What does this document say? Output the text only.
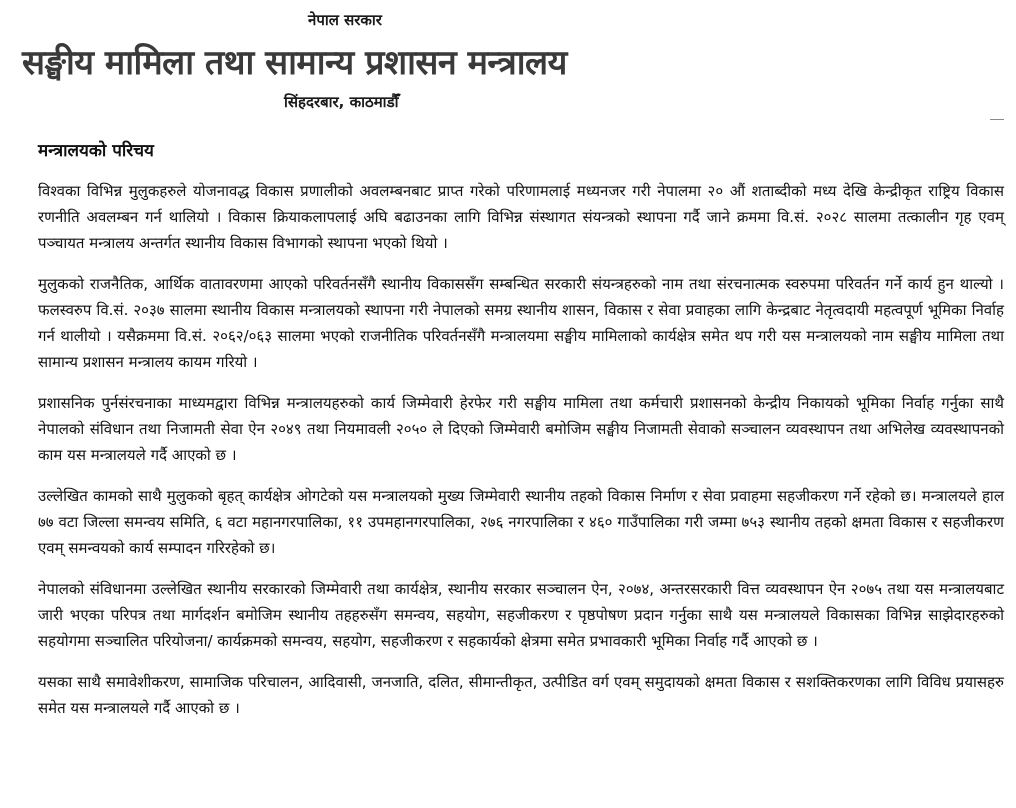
नेपाल सरकार
सङ्घीय मामिला तथा सामान्य प्रशासन मन्त्रालय
सिंहदरबार, काठमाडौँ
मन्त्रालयको परिचय

विश्वका विभिन्न मुलुकहरुले योजनावद्ध विकास प्रणालीको अवलम्बनबाट प्राप्त गरेको परिणामलाई मध्यनजर गरी नेपालमा २० औं शताब्दीको मध्य देखि केन्द्रीकृत राष्ट्रिय विकास रणनीति अवलम्बन गर्न थालियो । विकास क्रियाकलापलाई अघि बढाउनका लागि विभिन्न संस्थागत संयन्त्रको स्थापना गर्दै जाने क्रममा वि.सं. २०२८ सालमा तत्कालीन गृह एवम् पञ्चायत मन्त्रालय अन्तर्गत स्थानीय विकास विभागको स्थापना भएको थियो ।

मुलुकको राजनैतिक, आर्थिक वातावरणमा आएको परिवर्तनसँगै स्थानीय विकाससँग सम्बन्धित सरकारी संयन्त्रहरुको नाम तथा संरचनात्मक स्वरुपमा परिवर्तन गर्ने कार्य हुन थाल्यो । फलस्वरुप वि.सं. २०३७ सालमा स्थानीय विकास मन्त्रालयको स्थापना गरी नेपालको समग्र स्थानीय शासन, विकास र सेवा प्रवाहका लागि केन्द्रबाट नेतृत्वदायी महत्वपूर्ण भूमिका निर्वाह गर्न थालीयो । यसैक्रममा वि.सं. २०६२/०६३ सालमा भएको राजनीतिक परिवर्तनसँगै मन्त्रालयमा सङ्घीय मामिलाको कार्यक्षेत्र समेत थप गरी यस मन्त्रालयको नाम सङ्घीय मामिला तथा सामान्य प्रशासन मन्त्रालय कायम गरियो ।

प्रशासनिक पुर्नसंरचनाका माध्यमद्वारा विभिन्न मन्त्रालयहरुको कार्य जिम्मेवारी हेरफेर गरी सङ्घीय मामिला तथा कर्मचारी प्रशासनको केन्द्रीय निकायको भूमिका निर्वाह गर्नुका साथै नेपालको संविधान तथा निजामती सेवा ऐन २०४९ तथा नियमावली २०५० ले दिएको जिम्मेवारी बमोजिम सङ्घीय निजामती सेवाको सञ्चालन व्यवस्थापन तथा अभिलेख व्यवस्थापनको काम यस मन्त्रालयले गर्दै आएको छ ।

उल्लेखित कामको साथै मुलुकको बृहत् कार्यक्षेत्र ओगटेको यस मन्त्रालयको मुख्य जिम्मेवारी स्थानीय तहको विकास निर्माण र सेवा प्रवाहमा सहजीकरण गर्ने रहेको छ। मन्त्रालयले हाल ७७ वटा जिल्ला समन्वय समिति, ६ वटा महानगरपालिका, ११ उपमहानगरपालिका, २७६ नगरपालिका र ४६० गाउँपालिका गरी जम्मा ७५३ स्थानीय तहको क्षमता विकास र सहजीकरण एवम् समन्वयको कार्य सम्पादन गरिरहेको छ।

नेपालको संविधानमा उल्लेखित स्थानीय सरकारको जिम्मेवारी तथा कार्यक्षेत्र, स्थानीय सरकार सञ्चालन ऐन, २०७४, अन्तरसरकारी वित्त व्यवस्थापन ऐन २०७५ तथा यस मन्त्रालयबाट जारी भएका परिपत्र तथा मार्गदर्शन बमोजिम स्थानीय तहहरुसँग समन्वय, सहयोग, सहजीकरण र पृष्ठपोषण प्रदान गर्नुका साथै यस मन्त्रालयले विकासका विभिन्न साझेदारहरुको सहयोगमा सञ्चालित परियोजना/ कार्यक्रमको समन्वय, सहयोग, सहजीकरण र सहकार्यको क्षेत्रमा समेत प्रभावकारी भूमिका निर्वाह गर्दै आएको छ ।

यसका साथै समावेशीकरण, सामाजिक परिचालन, आदिवासी, जनजाति, दलित, सीमान्तीकृत, उत्पीडित वर्ग एवम् समुदायको क्षमता विकास र सशक्तिकरणका लागि विविध प्रयासहरु समेत यस मन्त्रालयले गर्दै आएको छ ।
